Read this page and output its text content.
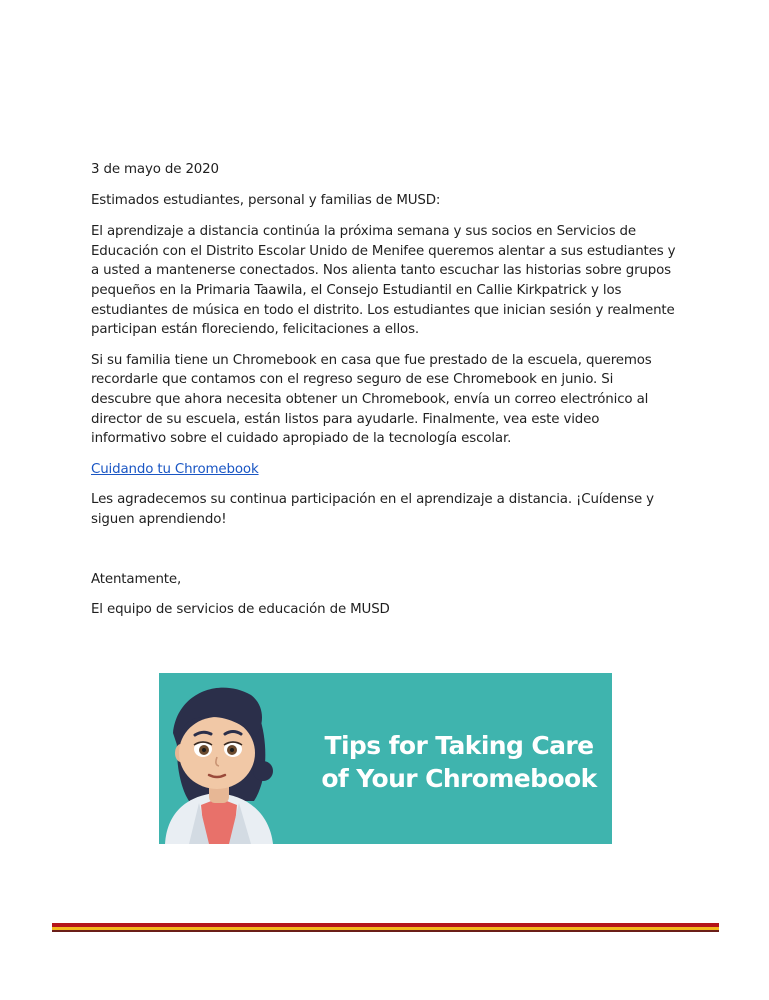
3 de mayo de 2020

Estimados estudiantes, personal y familias de MUSD:

El aprendizaje a distancia continúa la próxima semana y sus socios en Servicios de Educación con el Distrito Escolar Unido de Menifee queremos alentar a sus estudiantes y a usted a mantenerse conectados. Nos alienta tanto escuchar las historias sobre grupos pequeños en la Primaria Taawila, el Consejo Estudiantil en Callie Kirkpatrick y los estudiantes de música en todo el distrito. Los estudiantes que inician sesión y realmente participan están floreciendo, felicitaciones a ellos.

Si su familia tiene un Chromebook en casa que fue prestado de la escuela, queremos recordarle que contamos con el regreso seguro de ese Chromebook en junio. Si descubre que ahora necesita obtener un Chromebook, envía un correo electrónico al director de su escuela, están listos para ayudarle. Finalmente, vea este video informativo sobre el cuidado apropiado de la tecnología escolar.

Cuidando tu Chromebook

Les agradecemos su continua participación en el aprendizaje a distancia. ¡Cuídense y siguen aprendiendo!

Atentamente,

El equipo de servicios de educación de MUSD

Tips for Taking Care
of Your Chromebook
